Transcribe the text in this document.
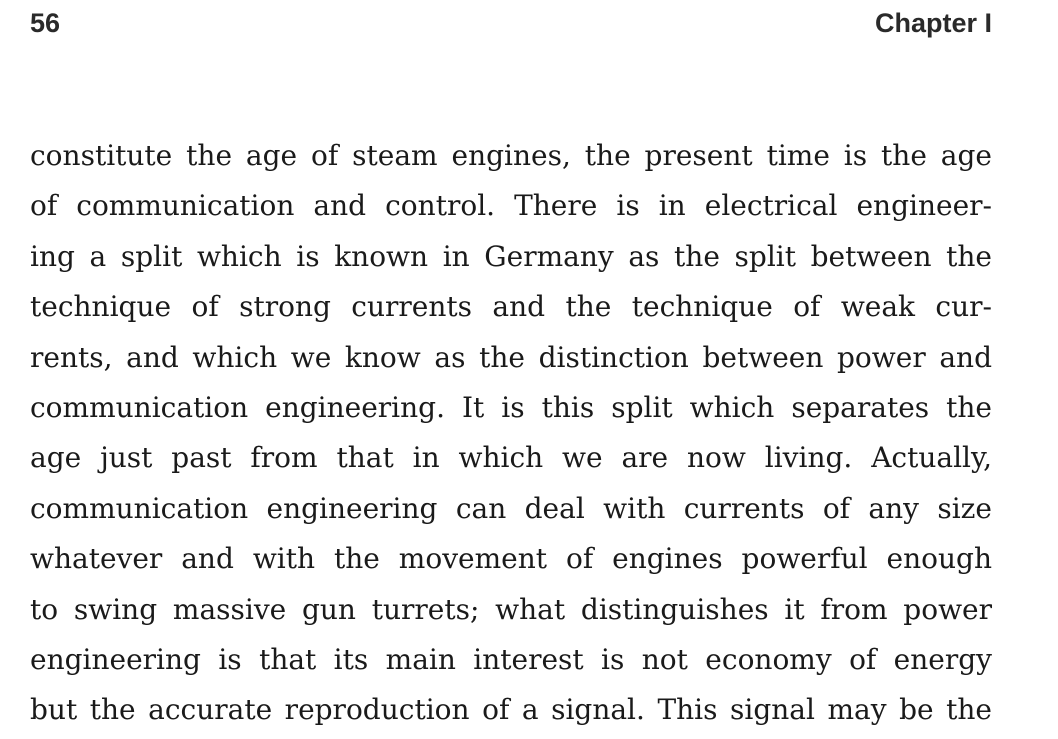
56	Chapter I
constitute the age of steam engines, the present time is the age
of communication and control. There is in electrical engineer-
ing a split which is known in Germany as the split between the
technique of strong currents and the technique of weak cur-
rents, and which we know as the distinction between power and
communication engineering. It is this split which separates the
age just past from that in which we are now living. Actually,
communication engineering can deal with currents of any size
whatever and with the movement of engines powerful enough
to swing massive gun turrets; what distinguishes it from power
engineering is that its main interest is not economy of energy
but the accurate reproduction of a signal. This signal may be the
